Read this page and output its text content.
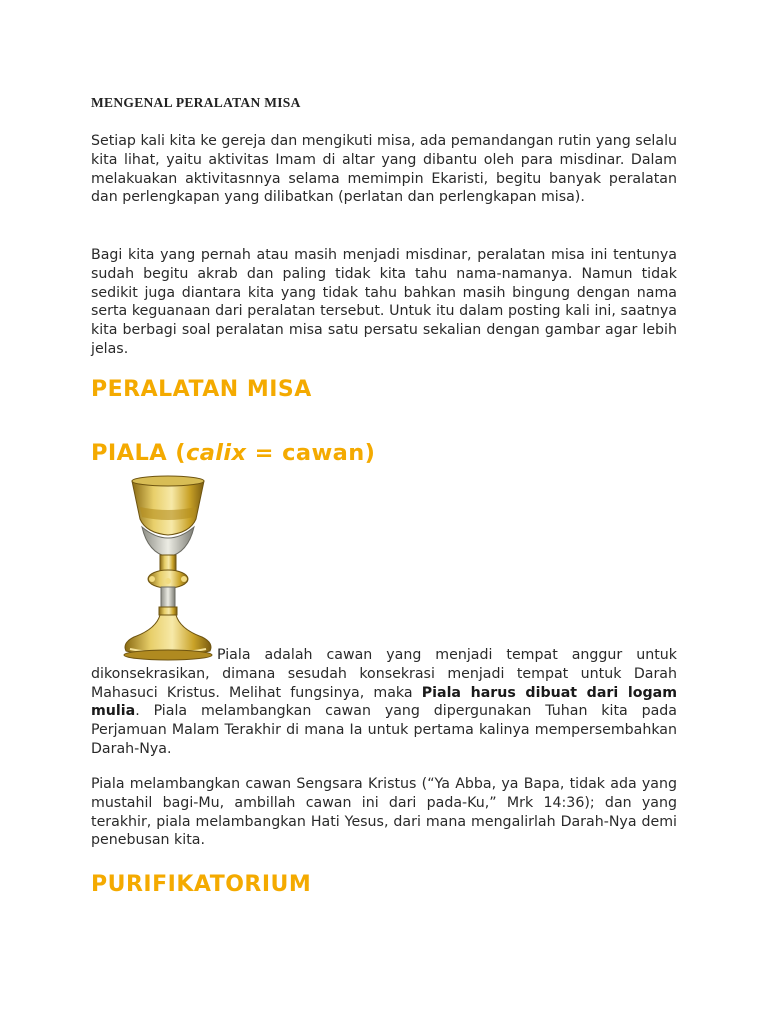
MENGENAL PERALATAN MISA

Setiap kali kita ke gereja dan mengikuti misa, ada pemandangan rutin yang selalu kita lihat, yaitu aktivitas Imam di altar yang dibantu oleh para misdinar. Dalam melakuakan aktivitasnnya selama memimpin Ekaristi, begitu banyak peralatan dan perlengkapan yang dilibatkan (perlatan dan perlengkapan misa).

Bagi kita yang pernah atau masih menjadi misdinar, peralatan misa ini tentunya sudah begitu akrab dan paling tidak kita tahu nama-namanya. Namun tidak sedikit juga diantara kita yang tidak tahu bahkan masih bingung dengan nama serta keguanaan dari peralatan tersebut. Untuk itu dalam posting kali ini, saatnya kita berbagi soal peralatan misa satu persatu sekalian dengan gambar agar lebih jelas.

PERALATAN MISA
PIALA (calix = cawan)

Piala adalah cawan yang menjadi tempat anggur untuk dikonsekrasikan, dimana sesudah konsekrasi menjadi tempat untuk Darah Mahasuci Kristus. Melihat fungsinya, maka Piala harus dibuat dari logam mulia. Piala melambangkan cawan yang dipergunakan Tuhan kita pada Perjamuan Malam Terakhir di mana Ia untuk pertama kalinya mempersembahkan Darah-Nya.

Piala melambangkan cawan Sengsara Kristus (“Ya Abba, ya Bapa, tidak ada yang mustahil bagi-Mu, ambillah cawan ini dari pada-Ku,” Mrk 14:36); dan yang terakhir, piala melambangkan Hati Yesus, dari mana mengalirlah Darah-Nya demi penebusan kita.

PURIFIKATORIUM
